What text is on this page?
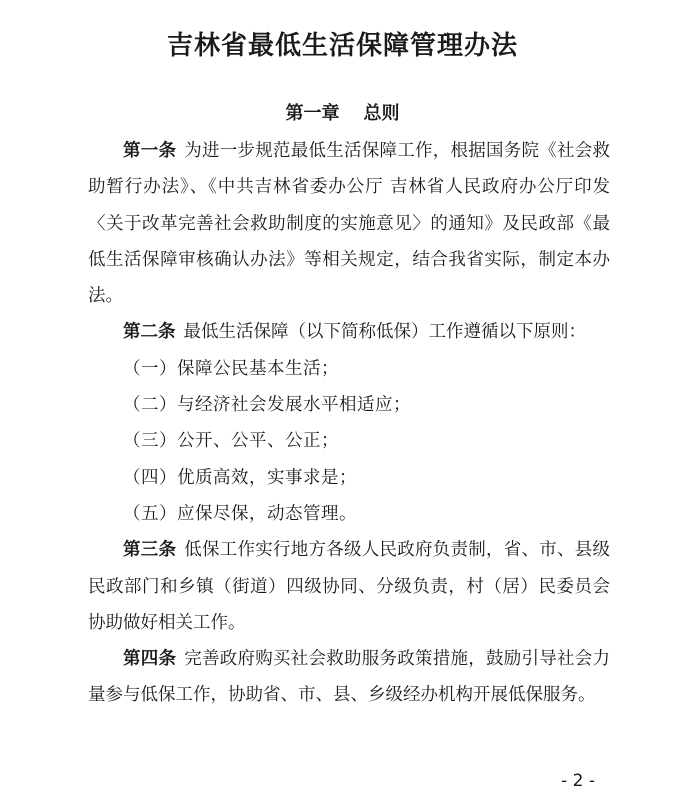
吉林省最低生活保障管理办法
第一章 总则

第一条 为进一步规范最低生活保障工作，根据国务院《社会救助暂行办法》、《中共吉林省委办公厅 吉林省人民政府办公厅印发〈关于改革完善社会救助制度的实施意见〉的通知》及民政部《最低生活保障审核确认办法》等相关规定，结合我省实际，制定本办法。

第二条 最低生活保障（以下简称低保）工作遵循以下原则：

（一）保障公民基本生活；

（二）与经济社会发展水平相适应；

（三）公开、公平、公正；

（四）优质高效，实事求是；

（五）应保尽保，动态管理。

第三条 低保工作实行地方各级人民政府负责制，省、市、县级民政部门和乡镇（街道）四级协同、分级负责，村（居）民委员会协助做好相关工作。

第四条 完善政府购买社会救助服务政策措施，鼓励引导社会力量参与低保工作，协助省、市、县、乡级经办机构开展低保服务。

- 2 -
